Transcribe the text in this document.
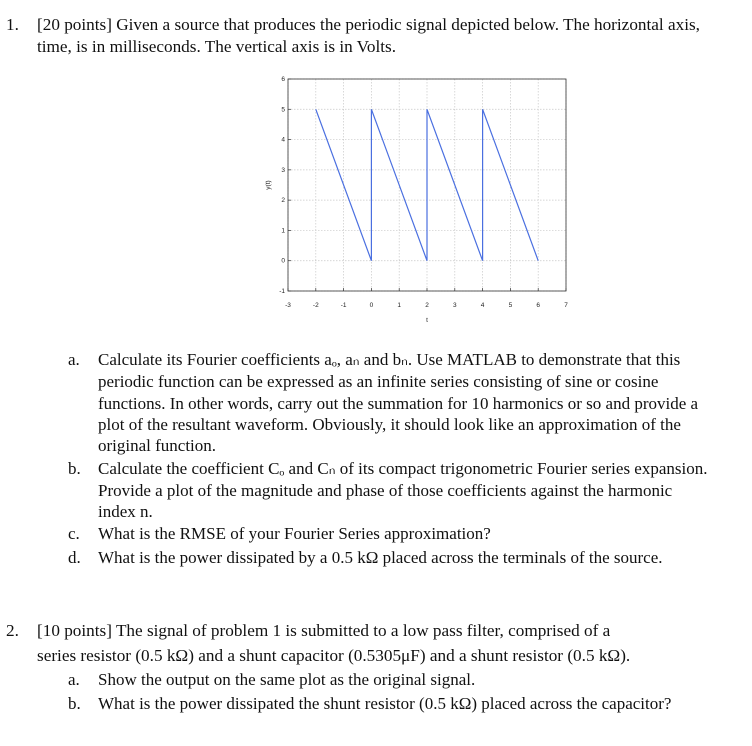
1. [20 points] Given a source that produces the periodic signal depicted below. The horizontal axis,
time, is in milliseconds. The vertical axis is in Volts.
-3	-2	-1	0	1	2	3	4	5	6	7
-1
0
1
2
3
4
5
6
t
y(t)
a. Calculate its Fourier coefficients aₒ, aₙ and bₙ. Use MATLAB to demonstrate that this
periodic function can be expressed as an infinite series consisting of sine or cosine
functions. In other words, carry out the summation for 10 harmonics or so and provide a
plot of the resultant waveform. Obviously, it should look like an approximation of the
original function.
b. Calculate the coefficient Cₒ and Cₙ of its compact trigonometric Fourier series expansion.
Provide a plot of the magnitude and phase of those coefficients against the harmonic
index n.
c. What is the RMSE of your Fourier Series approximation?
d. What is the power dissipated by a 0.5 kΩ placed across the terminals of the source.
2. [10 points] The signal of problem 1 is submitted to a low pass filter, comprised of a
series resistor (0.5 kΩ) and a shunt capacitor (0.5305μF) and a shunt resistor (0.5 kΩ).
a. Show the output on the same plot as the original signal.
b. What is the power dissipated the shunt resistor (0.5 kΩ) placed across the capacitor?
